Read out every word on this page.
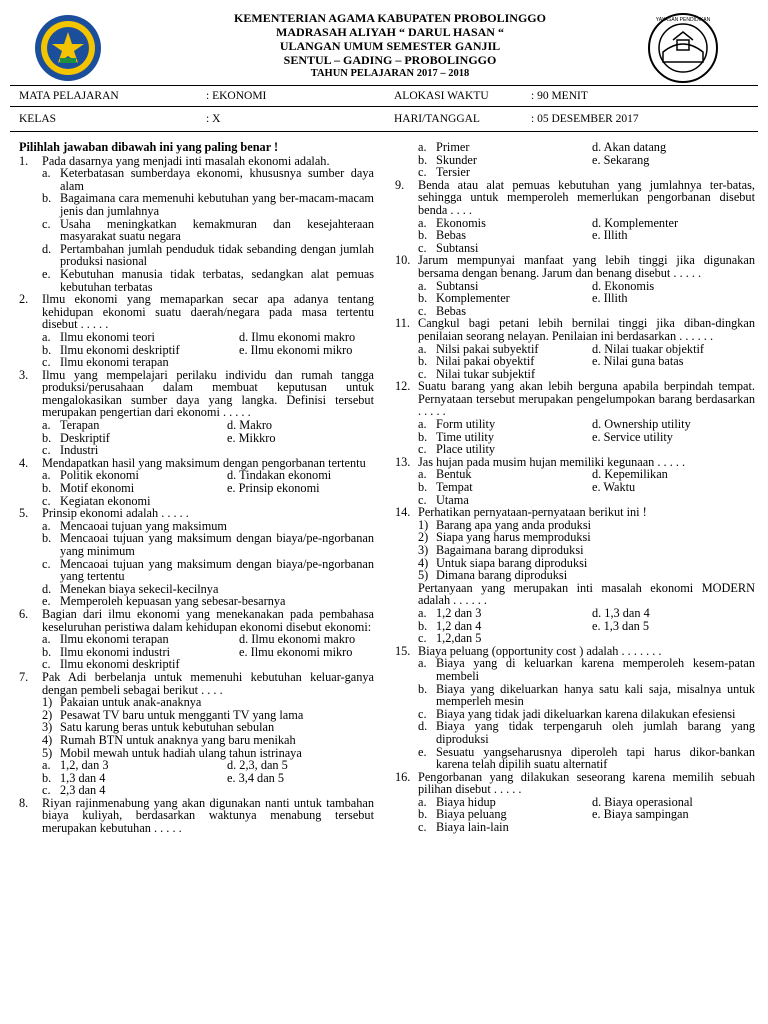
KEMENTERIAN AGAMA KABUPATEN PROBOLINGGO
MADRASAH ALIYAH “ DARUL HASAN “
ULANGAN UMUM SEMESTER GANJIL
SENTUL – GADING – PROBOLINGGO
TAHUN PELAJARAN 2017 – 2018
YAYASAN PENDIDIKAN
MATA PELAJARAN	: EKONOMI	ALOKASI WAKTU	: 90 MENIT
KELAS	: X	HARI/TANGGAL	: 05 DESEMBER 2017
Pilihlah jawaban dibawah ini yang paling benar !
1.	Pada dasarnya yang menjadi inti masalah ekonomi adalah.
a. Keterbatasan sumberdaya ekonomi, khususnya sumber daya alam
b. Bagaimana cara memenuhi kebutuhan yang ber-macam-macam jenis dan jumlahnya
c. Usaha meningkatkan kemakmuran dan kesejahteraan masyarakat suatu negara
d. Pertambahan jumlah penduduk tidak sebanding dengan jumlah produksi nasional
e. Kebutuhan manusia tidak terbatas, sedangkan alat pemuas kebutuhan terbatas
2.	Ilmu ekonomi yang memaparkan secar apa adanya tentang kehidupan ekonomi suatu daerah/negara pada masa tertentu disebut . . . . .
a. Ilmu ekonomi teori	d. Ilmu ekonomi makro
b. Ilmu ekonomi deskriptif	e. Ilmu ekonomi mikro
c. Ilmu ekonomi terapan
3.	Ilmu yang mempelajari perilaku individu dan rumah tangga produksi/perusahaan dalam membuat keputusan untuk mengalokasikan sumber daya yang langka. Definisi tersebut merupakan pengertian dari ekonomi . . . . .
a. Terapan	d. Makro
b. Deskriptif	e. Mikkro
c. Industri
4.	Mendapatkan hasil yang maksimum dengan pengorbanan tertentu
a. Politik ekonomi	d. Tindakan ekonomi
b. Motif ekonomi	e. Prinsip ekonomi
c. Kegiatan ekonomi
5.	Prinsip ekonomi adalah . . . . .
a. Mencaoai tujuan yang maksimum
b. Mencaoai tujuan yang maksimum dengan biaya/pe-ngorbanan yang minimum
c. Mencaoai tujuan yang maksimum dengan biaya/pe-ngorbanan yang tertentu
d. Menekan biaya sekecil-kecilnya
e. Memperoleh kepuasan yang sebesar-besarnya
6.	Bagian dari ilmu ekonomi yang menekanakan pada pembahasa keseluruhan peristiwa dalam kehidupan ekonomi disebut ekonomi:
a. Ilmu ekonomi terapan	d. Ilmu ekonomi makro
b. Ilmu ekonomi industri	e. Ilmu ekonomi mikro
c. Ilmu ekonomi deskriptif
7.	Pak Adi berbelanja untuk memenuhi kebutuhan keluar-ganya dengan pembeli sebagai berikut . . . .
1) Pakaian untuk anak-anaknya
2) Pesawat TV baru untuk mengganti TV yang lama
3) Satu karung beras untuk kebutuhan sebulan
4) Rumah BTN untuk anaknya yang baru menikah
5) Mobil mewah untuk hadiah ulang tahun istrinaya
a. 1,2, dan 3	d. 2,3, dan 5
b. 1,3 dan 4	e. 3,4 dan 5
c. 2,3 dan 4
8.	Riyan rajinmenabung yang akan digunakan nanti untuk tambahan biaya kuliyah, berdasarkan waktunya menabung tersebut merupakan kebutuhan . . . . .
a. Primer	d. Akan datang
b. Skunder	e. Sekarang
c. Tersier
9.	Benda atau alat pemuas kebutuhan yang jumlahnya ter-batas, sehingga untuk memperoleh memerlukan pengorbanan disebut benda . . . .
a. Ekonomis	d. Komplementer
b. Bebas	e. Illith
c. Subtansi
10. Jarum mempunyai manfaat yang lebih tinggi jika digunakan bersama dengan benang. Jarum dan benang disebut . . . . .
a. Subtansi	d. Ekonomis
b. Komplementer	e. Illith
c. Bebas
11. Cangkul bagi petani lebih bernilai tinggi jika diban-dingkan penilaian seorang nelayan. Penilaian ini berdasarkan . . . . . .
a. Nilsi pakai subyektif	d. Nilai tuakar objektif
b. Nilai pakai obyektif	e. Nilai guna batas
c. Nilai tukar subjektif
12. Suatu barang yang akan lebih berguna apabila berpindah tempat. Pernyataan tersebut merupakan pengelumpokan barang berdasarkan . . . . .
a. Form utility	d. Ownership utility
b. Time utility	e. Service utility
c. Place utility
13. Jas hujan pada musim hujan memiliki kegunaan . . . . .
a. Bentuk	d. Kepemilikan
b. Tempat	e. Waktu
c. Utama
14. Perhatikan pernyataan-pernyataan berikut ini !
1) Barang apa yang anda produksi
2) Siapa yang harus memproduksi
3) Bagaimana barang diproduksi
4) Untuk siapa barang diproduksi
5) Dimana barang diproduksi
Pertanyaan yang merupakan inti masalah ekonomi MODERN adalah . . . . . .
a. 1,2 dan 3	d. 1,3 dan 4
b. 1,2 dan 4	e. 1,3 dan 5
c. 1,2,dan 5
15. Biaya peluang (opportunity cost ) adalah . . . . . . .
a. Biaya yang di keluarkan karena memperoleh kesem-patan membeli
b. Biaya yang dikeluarkan hanya satu kali saja, misalnya untuk memperleh mesin
c. Biaya yang tidak jadi dikeluarkan karena dilakukan efesiensi
d. Biaya yang tidak terpengaruh oleh jumlah barang yang diproduksi
e. Sesuatu yangseharusnya diperoleh tapi harus dikor-bankan karena telah dipilih suatu alternatif
16. Pengorbanan yang dilakukan seseorang karena memilih sebuah pilihan disebut . . . . .
a. Biaya hidup	d. Biaya operasional
b. Biaya peluang	e. Biaya sampingan
c. Biaya lain-lain
